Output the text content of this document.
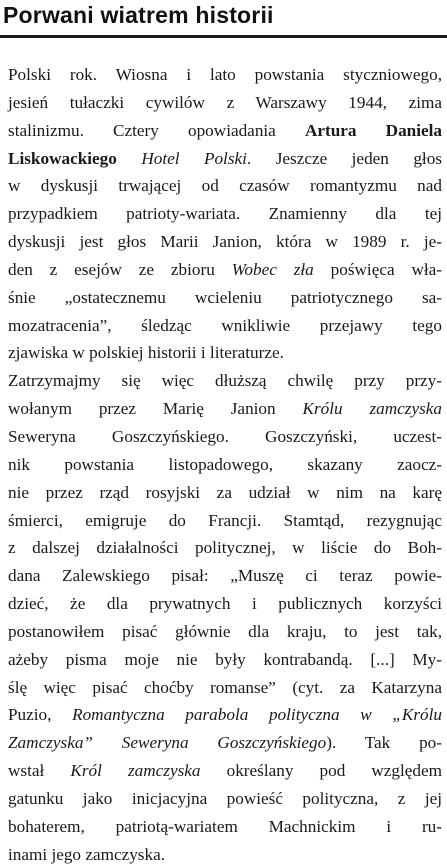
Porwani wiatrem historii
Polski rok. Wiosna i lato powstania styczniowego,
jesień tułaczki cywilów z Warszawy 1944, zima
stalinizmu. Cztery opowiadania Artura Daniela
Liskowackiego Hotel Polski. Jeszcze jeden głos
w dyskusji trwającej od czasów romantyzmu nad
przypadkiem patrioty-wariata. Znamienny dla tej
dyskusji jest głos Marii Janion, która w 1989 r. je-
den z esejów ze zbioru Wobec zła poświęca wła-
śnie „ostatecznemu wcieleniu patriotycznego sa-
mozatracenia”, śledząc wnikliwie przejawy tego
zjawiska w polskiej historii i literaturze.
Zatrzymajmy się więc dłuższą chwilę przy przy-
wołanym przez Marię Janion Królu zamczyska
Seweryna Goszczyńskiego. Goszczyński, uczest-
nik powstania listopadowego, skazany zaocz-
nie przez rząd rosyjski za udział w nim na karę
śmierci, emigruje do Francji. Stamtąd, rezygnując
z dalszej działalności politycznej, w liście do Boh-
dana Zalewskiego pisał: „Muszę ci teraz powie-
dzieć, że dla prywatnych i publicznych korzyści
postanowiłem pisać głównie dla kraju, to jest tak,
ażeby pisma moje nie były kontrabandą. [...] My-
ślę więc pisać choćby romanse” (cyt. za Katarzyna
Puzio, Romantyczna parabola polityczna w „Królu
Zamczyska” Seweryna Goszczyńskiego). Tak po-
wstał Król zamczyska określany pod względem
gatunku jako inicjacyjna powieść polityczna, z jej
bohaterem, patriotą-wariatem Machnickim i ru-
inami jego zamczyska.
